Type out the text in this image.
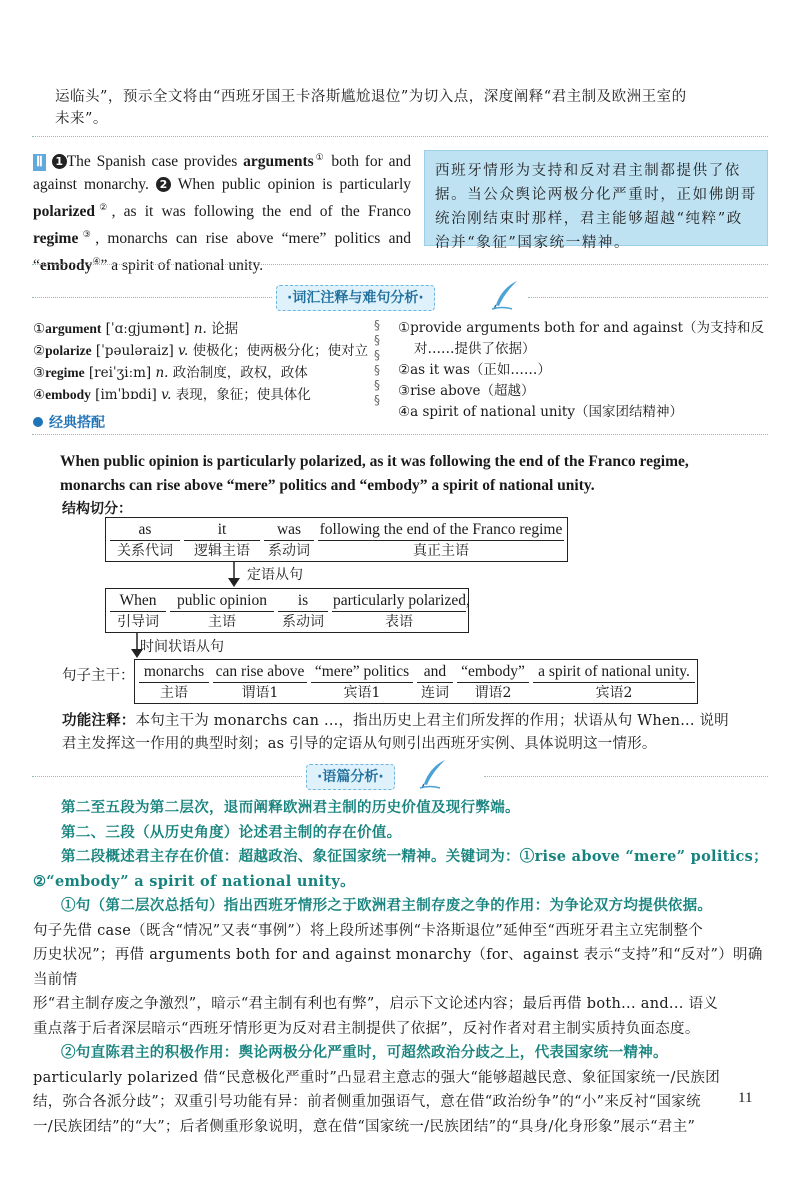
运临头”，预示全文将由“西班牙国王卡洛斯尴尬退位”为切入点，深度阐释“君主制及欧洲王室的
未来”。
Ⅱ 1 The Spanish case provides arguments① both for and against monarchy. 2 When public opinion is particularly polarized②, as it was following the end of the Franco regime③, monarchs can rise above “mere” politics and “embody④” a spirit of national unity.
西班牙情形为支持和反对君主制都提供了依据。当公众舆论两极分化严重时，正如佛朗哥统治刚结束时那样，君主能够超越“纯粹”政治并“象征”国家统一精神。
·词汇注释与难句分析·
①argument [ˈɑːɡjumənt] n. 论据
②polarize [ˈpəuləraiz] v. 使极化；使两极分化；使对立
③regime [reiˈʒiːm] n. 政治制度，政权，政体
④embody [imˈbɒdi] v. 表现，象征；使具体化
§
§
§
§
§
§

①provide arguments both for and against（为支持和反
对……提供了依据）
②as it was（正如……）
③rise above（超越）
④a spirit of national unity（国家团结精神）
经典搭配
When public opinion is particularly polarized, as it was following the end of the Franco regime,
monarchs can rise above “mere” politics and “embody” a spirit of national unity.
结构切分：
as
关系代词
it
逻辑主语
was
系动词
following the end of the Franco regime
真正主语
定语从句
When
引导词
public opinion
主语
is
系动词
particularly polarized,
表语
时间状语从句
句子主干： monarchs
主语
can rise above
谓语1
“mere” politics
宾语1
and
连词
“embody”
谓语2
a spirit of national unity.
宾语2
功能注释：本句主干为 monarchs can ...，指出历史上君主们所发挥的作用；状语从句 When... 说明
君主发挥这一作用的典型时刻；as 引导的定语从句则引出西班牙实例、具体说明这一情形。
·语篇分析·
第二至五段为第二层次，退而阐释欧洲君主制的历史价值及现行弊端。
第二、三段（从历史角度）论述君主制的存在价值。
第二段概述君主存在价值：超越政治、象征国家统一精神。关键词为：①rise above “mere” politics；
②“embody” a spirit of national unity。
①句（第二层次总括句）指出西班牙情形之于欧洲君主制存废之争的作用：为争论双方均提供依据。
句子先借 case（既含“情况”又表“事例”）将上段所述事例“卡洛斯退位”延伸至“西班牙君主立宪制整个
历史状况”；再借 arguments both for and against monarchy（for、against 表示“支持”和“反对”）明确当前情
形“君主制存废之争激烈”，暗示“君主制有利也有弊”，启示下文论述内容；最后再借 both... and... 语义
重点落于后者深层暗示“西班牙情形更为反对君主制提供了依据”，反衬作者对君主制实质持负面态度。
②句直陈君主的积极作用：舆论两极分化严重时，可超然政治分歧之上，代表国家统一精神。
particularly polarized 借“民意极化严重时”凸显君主意志的强大“能够超越民意、象征国家统一/民族团
结，弥合各派分歧”；双重引号功能有异：前者侧重加强语气，意在借“政治纷争”的“小”来反衬“国家统
一/民族团结”的“大”；后者侧重形象说明，意在借“国家统一/民族团结”的“具身/化身形象”展示“君主”
11
